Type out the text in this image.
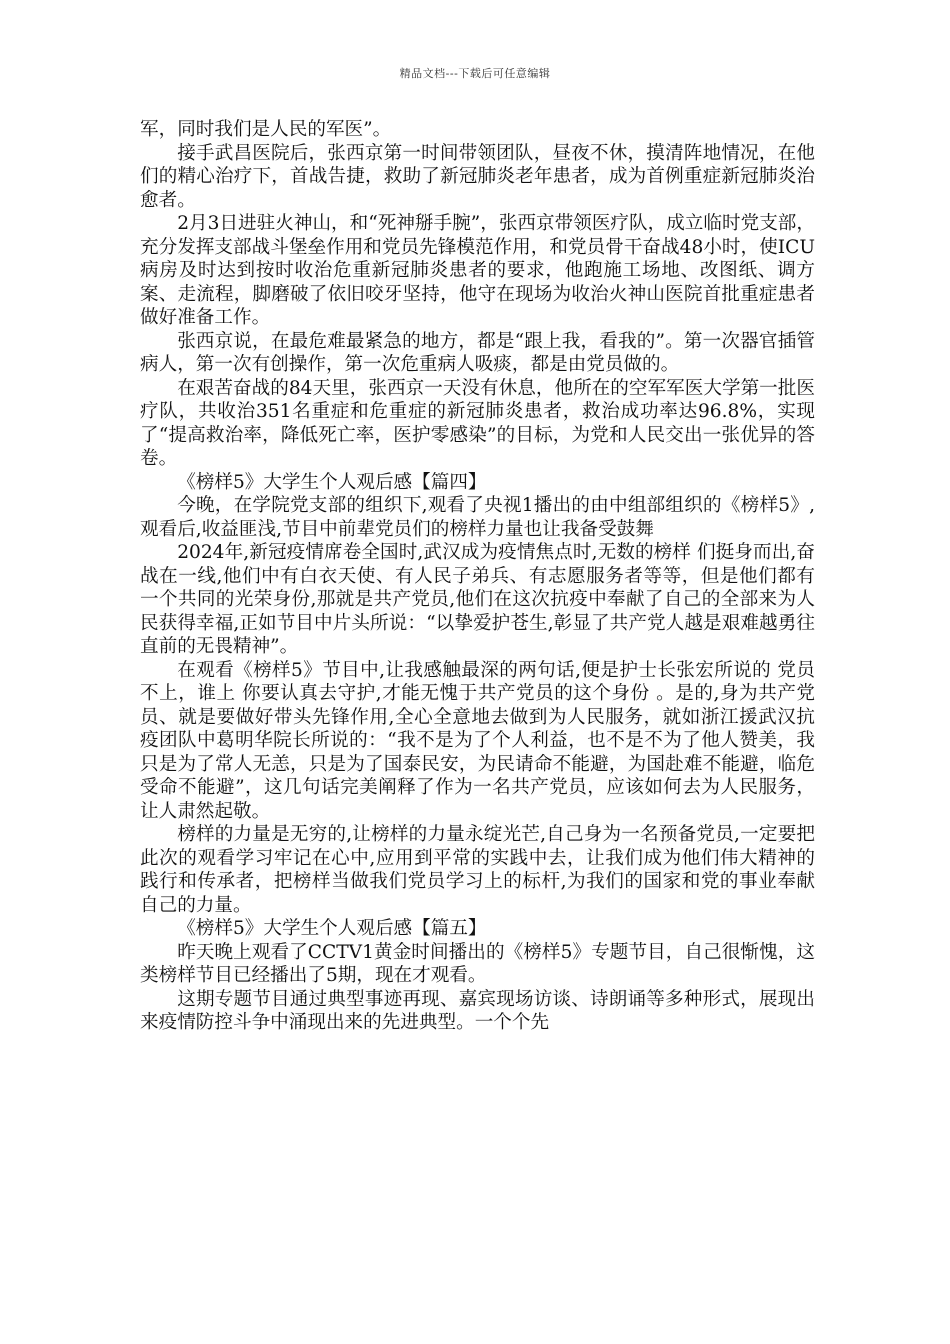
精品文档---下载后可任意编辑

军，同时我们是人民的军医”。

接手武昌医院后，张西京第一时间带领团队，昼夜不休，摸清阵地情况，在他们的精心治疗下，首战告捷，救助了新冠肺炎老年患者，成为首例重症新冠肺炎治愈者。

2月3日进驻火神山，和“死神掰手腕”，张西京带领医疗队，成立临时党支部，充分发挥支部战斗堡垒作用和党员先锋模范作用，和党员骨干奋战48小时，使ICU病房及时达到按时收治危重新冠肺炎患者的要求，他跑施工场地、改图纸、调方案、走流程，脚磨破了依旧咬牙坚持，他守在现场为收治火神山医院首批重症患者做好准备工作。

张西京说，在最危难最紧急的地方，都是“跟上我，看我的”。第一次器官插管病人，第一次有创操作，第一次危重病人吸痰，都是由党员做的。

在艰苦奋战的84天里，张西京一天没有休息，他所在的空军军医大学第一批医疗队，共收治351名重症和危重症的新冠肺炎患者，救治成功率达96.8%，实现了“提高救治率，降低死亡率，医护零感染”的目标，为党和人民交出一张优异的答卷。

《榜样5》大学生个人观后感【篇四】

今晚，在学院党支部的组织下,观看了央视1播出的由中组部组织的《榜样5》,观看后,收益匪浅,节目中前辈党员们的榜样力量也让我备受鼓舞

2024年,新冠疫情席卷全国时,武汉成为疫情焦点时,无数的榜样 们挺身而出,奋战在一线,他们中有白衣天使、有人民子弟兵、有志愿服务者等等，但是他们都有一个共同的光荣身份,那就是共产党员,他们在这次抗疫中奉献了自己的全部来为人民获得幸福,正如节目中片头所说：“以挚爱护苍生,彰显了共产党人越是艰难越勇往直前的无畏精神”。

在观看《榜样5》节目中,让我感触最深的两句话,便是护士长张宏所说的 党员不上，谁上 你要认真去守护,才能无愧于共产党员的这个身份 。是的,身为共产党员、就是要做好带头先锋作用,全心全意地去做到为人民服务，就如浙江援武汉抗疫团队中葛明华院长所说的：“我不是为了个人利益，也不是不为了他人赞美，我只是为了常人无恙，只是为了国泰民安，为民请命不能避，为国赴难不能避，临危受命不能避”，这几句话完美阐释了作为一名共产党员，应该如何去为人民服务，让人肃然起敬。

榜样的力量是无穷的,让榜样的力量永绽光芒,自己身为一名预备党员,一定要把此次的观看学习牢记在心中,应用到平常的实践中去，让我们成为他们伟大精神的践行和传承者，把榜样当做我们党员学习上的标杆,为我们的国家和党的事业奉献自己的力量。

《榜样5》大学生个人观后感【篇五】

昨天晚上观看了CCTV1黄金时间播出的《榜样5》专题节目，自己很惭愧，这类榜样节目已经播出了5期，现在才观看。

这期专题节目通过典型事迹再现、嘉宾现场访谈、诗朗诵等多种形式，展现出来疫情防控斗争中涌现出来的先进典型。一个个先
